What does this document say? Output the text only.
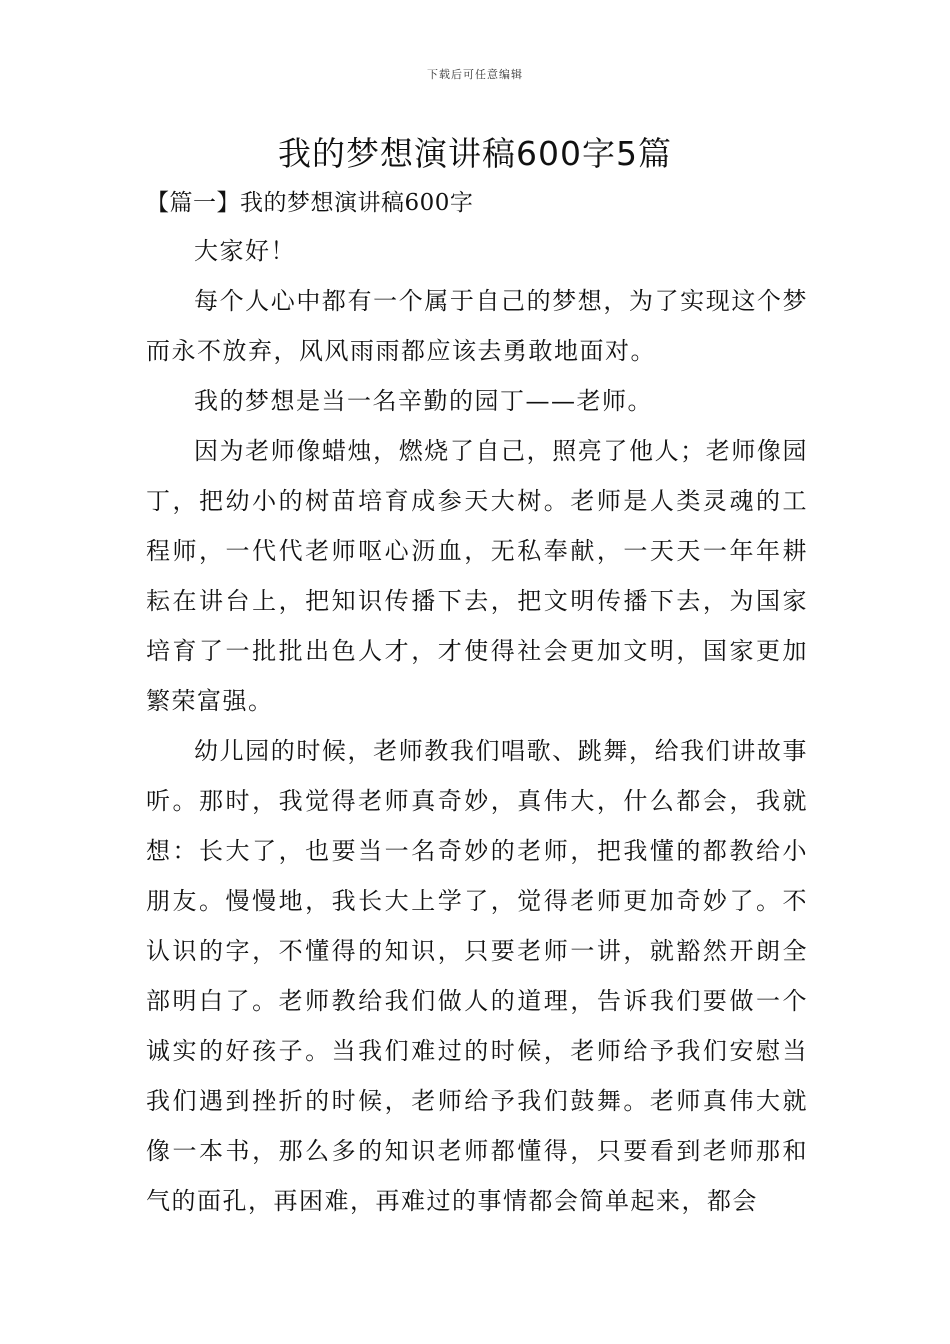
下载后可任意编辑
我的梦想演讲稿600字5篇
【篇一】我的梦想演讲稿600字

大家好！

每个人心中都有一个属于自己的梦想，为了实现这个梦而永不放弃，风风雨雨都应该去勇敢地面对。

我的梦想是当一名辛勤的园丁——老师。

因为老师像蜡烛，燃烧了自己，照亮了他人；老师像园丁，把幼小的树苗培育成参天大树。老师是人类灵魂的工程师，一代代老师呕心沥血，无私奉献，一天天一年年耕耘在讲台上，把知识传播下去，把文明传播下去，为国家培育了一批批出色人才，才使得社会更加文明，国家更加繁荣富强。

幼儿园的时候，老师教我们唱歌、跳舞，给我们讲故事听。那时，我觉得老师真奇妙，真伟大，什么都会，我就想：长大了，也要当一名奇妙的老师，把我懂的都教给小朋友。慢慢地，我长大上学了，觉得老师更加奇妙了。不认识的字，不懂得的知识，只要老师一讲，就豁然开朗全部明白了。老师教给我们做人的道理，告诉我们要做一个诚实的好孩子。当我们难过的时候，老师给予我们安慰当我们遇到挫折的时候，老师给予我们鼓舞。老师真伟大就像一本书，那么多的知识老师都懂得，只要看到老师那和气的面孔，再困难，再难过的事情都会简单起来，都会
